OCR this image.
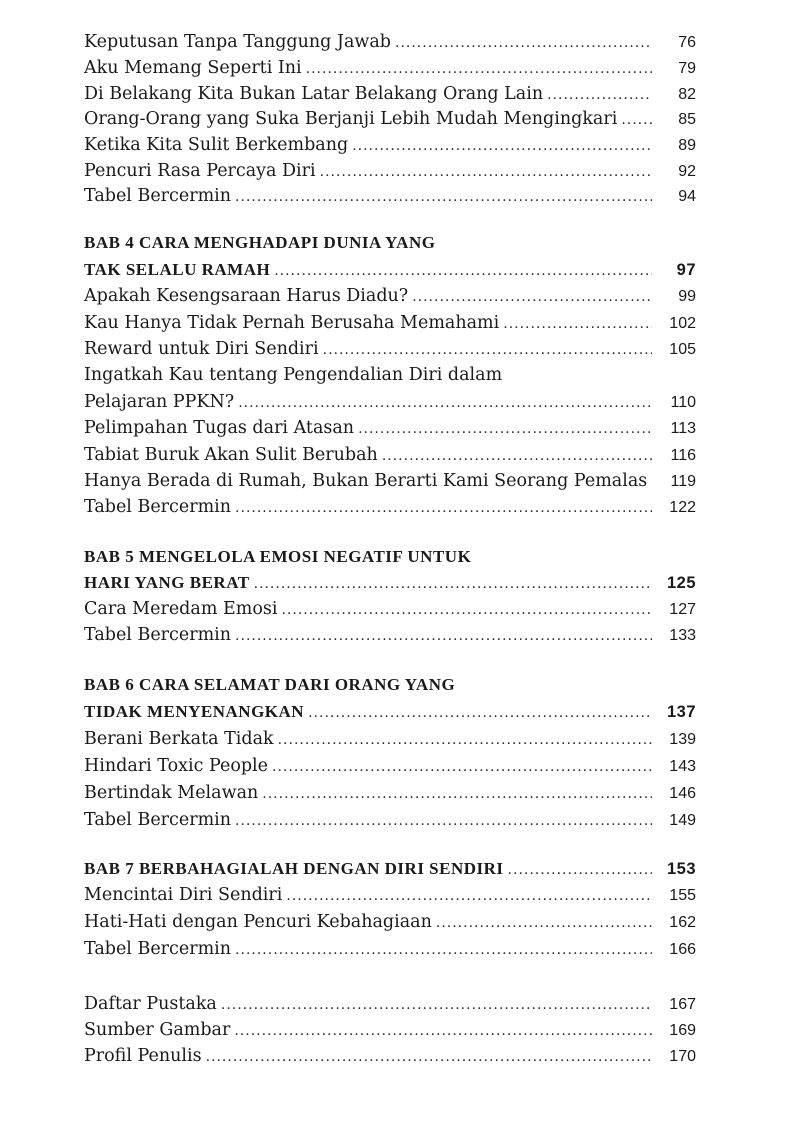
Keputusan Tanpa Tanggung Jawab .....	76
Aku Memang Seperti Ini .....	79
Di Belakang Kita Bukan Latar Belakang Orang Lain .....	82
Orang-Orang yang Suka Berjanji Lebih Mudah Mengingkari .....	85
Ketika Kita Sulit Berkembang .....	89
Pencuri Rasa Percaya Diri .....	92
Tabel Bercermin .....	94
BAB 4 CARA MENGHADAPI DUNIA YANG
TAK SELALU RAMAH .....	97
Apakah Kesengsaraan Harus Diadu? .....	99
Kau Hanya Tidak Pernah Berusaha Memahami .....	102
Reward untuk Diri Sendiri .....	105
Ingatkah Kau tentang Pengendalian Diri dalam
Pelajaran PPKN? .....	110
Pelimpahan Tugas dari Atasan .....	113
Tabiat Buruk Akan Sulit Berubah .....	116
Hanya Berada di Rumah, Bukan Berarti Kami Seorang Pemalas .....	119
Tabel Bercermin .....	122
BAB 5 MENGELOLA EMOSI NEGATIF UNTUK
HARI YANG BERAT .....	125
Cara Meredam Emosi .....	127
Tabel Bercermin .....	133
BAB 6 CARA SELAMAT DARI ORANG YANG
TIDAK MENYENANGKAN .....	137
Berani Berkata Tidak .....	139
Hindari Toxic People .....	143
Bertindak Melawan .....	146
Tabel Bercermin .....	149
BAB 7 BERBAHAGIALAH DENGAN DIRI SENDIRI .....	153
Mencintai Diri Sendiri .....	155
Hati-Hati dengan Pencuri Kebahagiaan .....	162
Tabel Bercermin .....	166
Daftar Pustaka .....	167
Sumber Gambar .....	169
Profil Penulis .....	170
